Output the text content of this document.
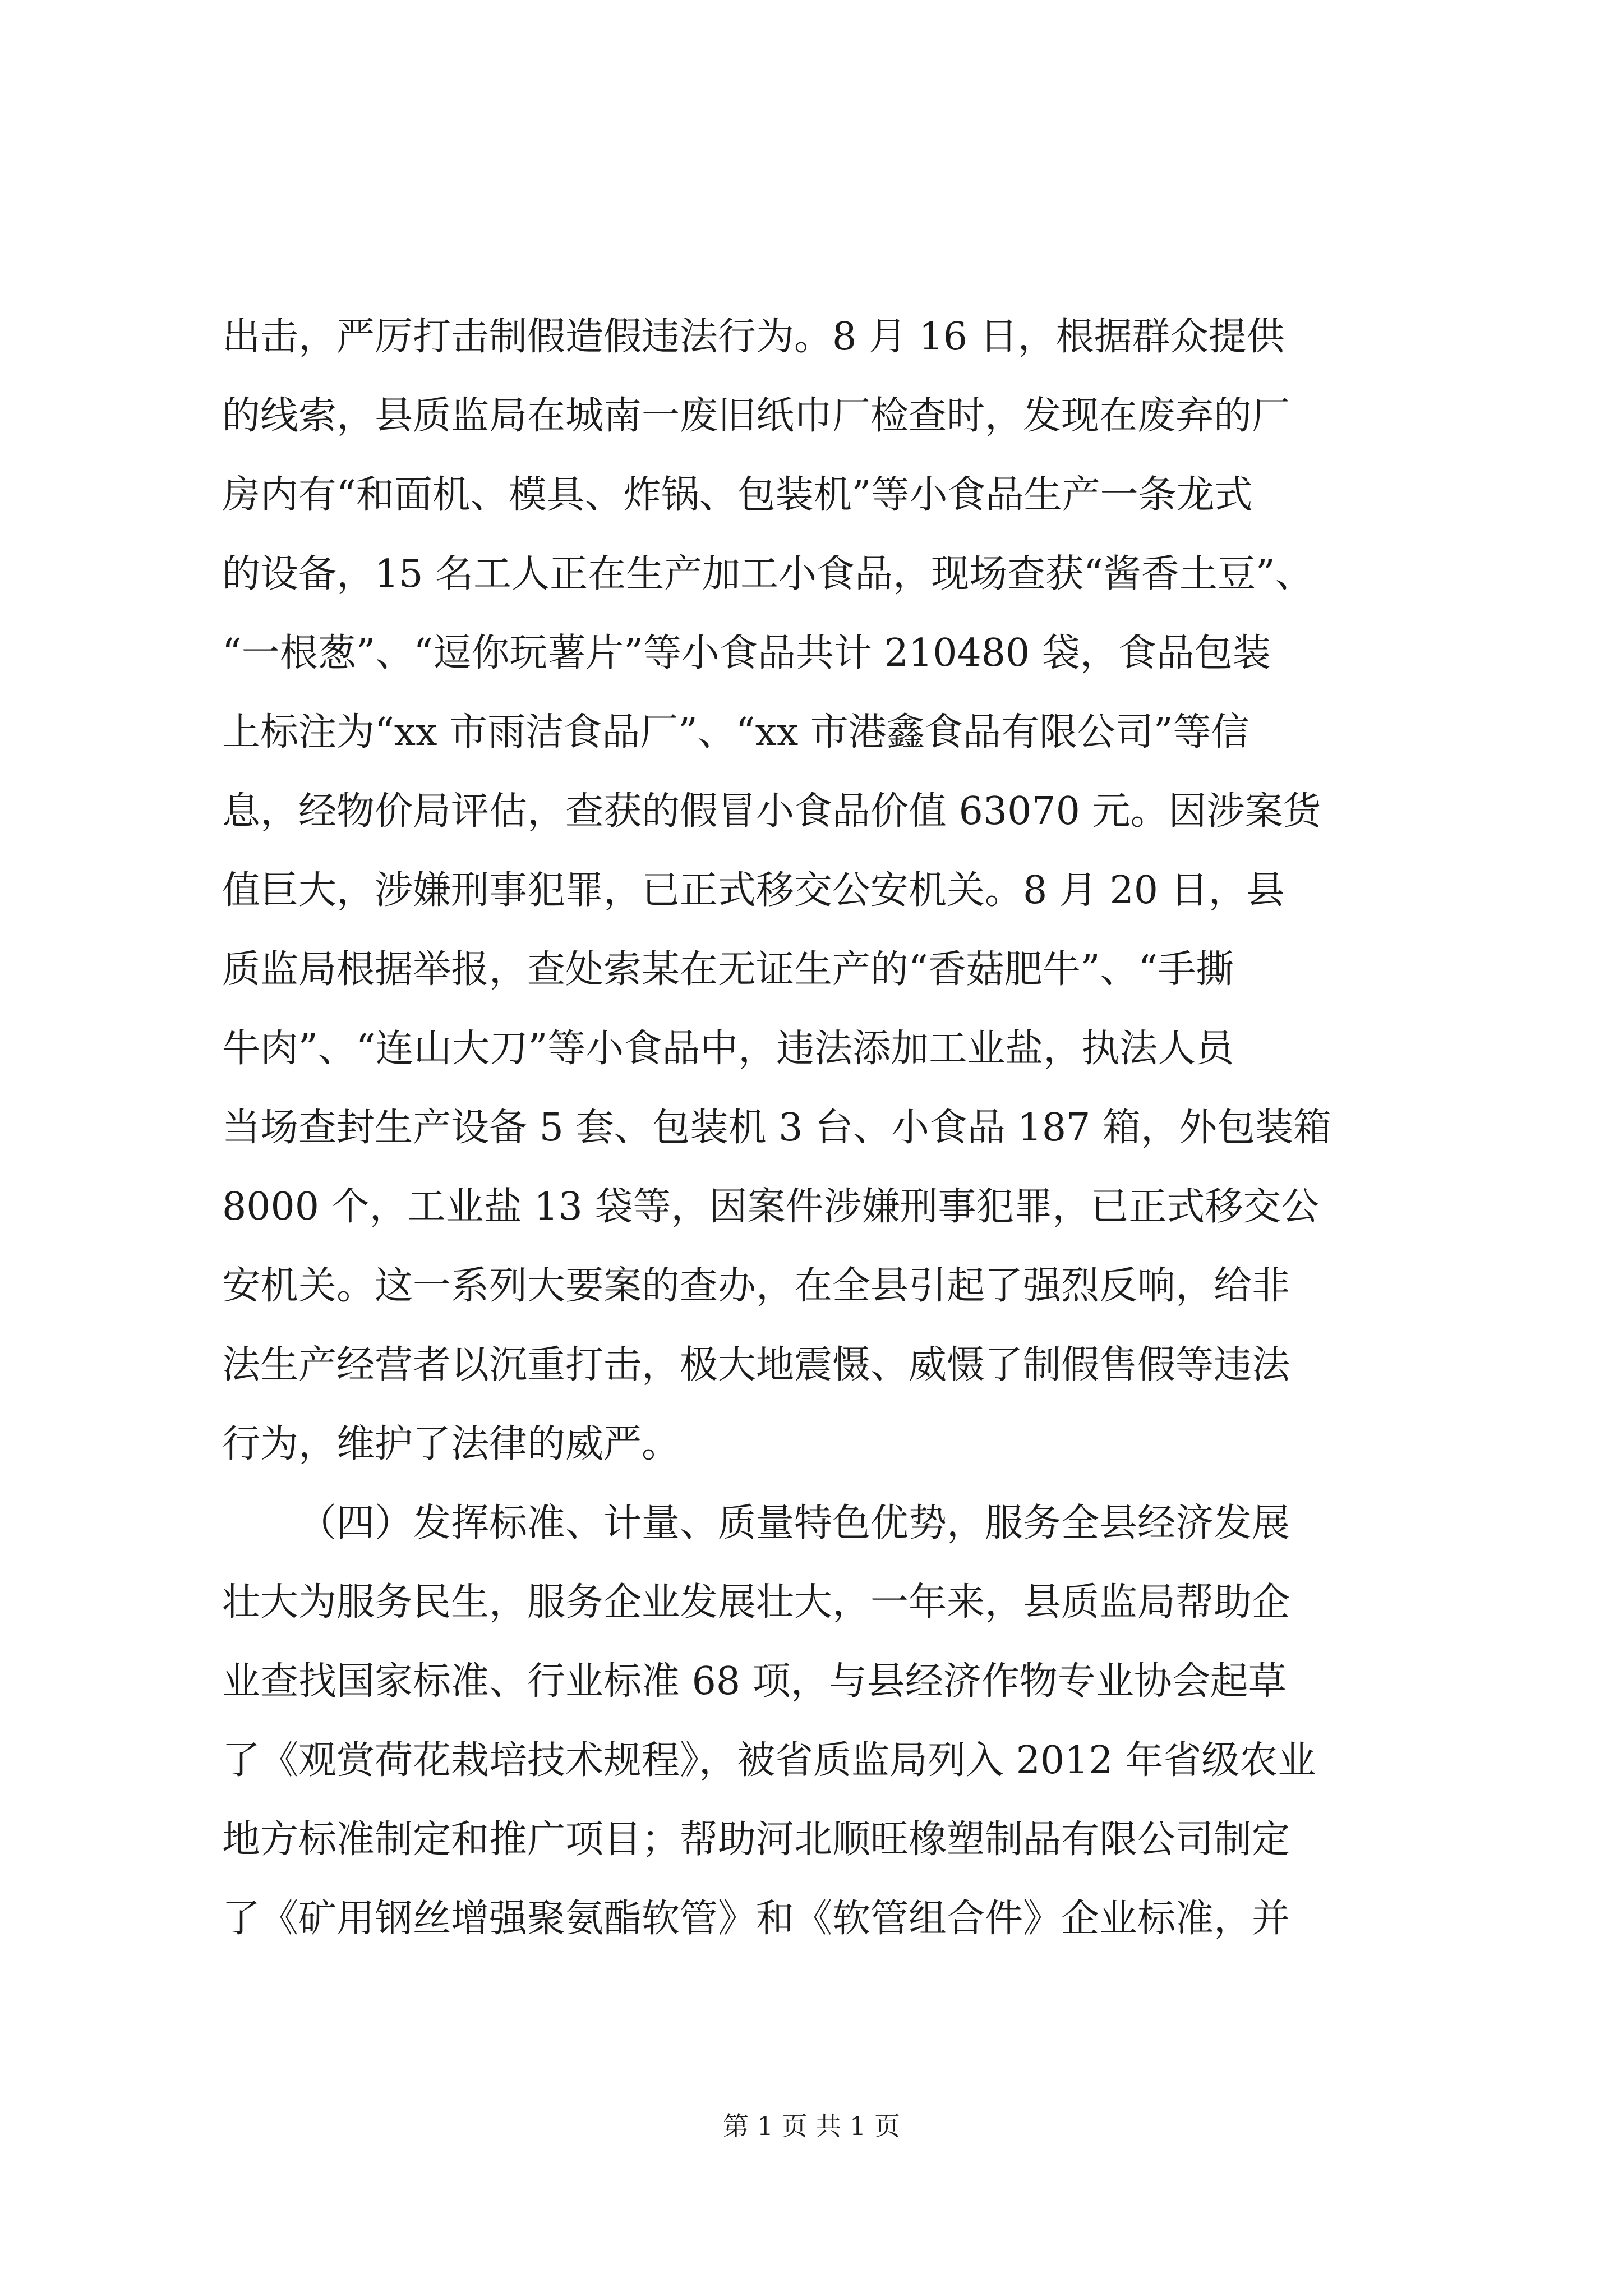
出击，严厉打击制假造假违法行为。8 月 16 日，根据群众提供
的线索，县质监局在城南一废旧纸巾厂检查时，发现在废弃的厂
房内有“和面机、模具、炸锅、包装机”等小食品生产一条龙式
的设备，15 名工人正在生产加工小食品，现场查获“酱香土豆”、
“一根葱”、“逗你玩薯片”等小食品共计 210480 袋，食品包装
上标注为“xx 市雨洁食品厂”、“xx 市港鑫食品有限公司”等信
息，经物价局评估，查获的假冒小食品价值 63070 元。因涉案货
值巨大，涉嫌刑事犯罪，已正式移交公安机关。8 月 20 日，县
质监局根据举报，查处索某在无证生产的“香菇肥牛”、“手撕
牛肉”、“连山大刀”等小食品中，违法添加工业盐，执法人员
当场查封生产设备 5 套、包装机 3 台、小食品 187 箱，外包装箱
8000 个，工业盐 13 袋等，因案件涉嫌刑事犯罪，已正式移交公
安机关。这一系列大要案的查办，在全县引起了强烈反响，给非
法生产经营者以沉重打击，极大地震慑、威慑了制假售假等违法
行为，维护了法律的威严。
（四）发挥标准、计量、质量特色优势，服务全县经济发展
壮大为服务民生，服务企业发展壮大，一年来，县质监局帮助企
业查找国家标准、行业标准 68 项，与县经济作物专业协会起草
了《观赏荷花栽培技术规程》，被省质监局列入 2012 年省级农业
地方标准制定和推广项目；帮助河北顺旺橡塑制品有限公司制定
了《矿用钢丝增强聚氨酯软管》和《软管组合件》企业标准，并
第 1 页 共 1 页
